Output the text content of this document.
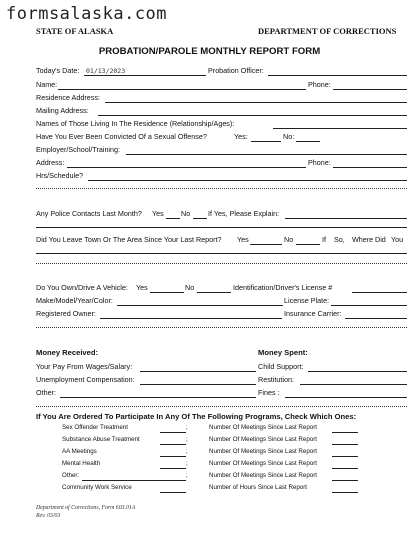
formsalaska.com
STATE OF ALASKA	DEPARTMENT OF CORRECTIONS
PROBATION/PAROLE MONTHLY REPORT FORM
Today's Date: 01/13/2023	Probation Officer:
Name:	Phone:
Residence Address:
Mailing Address:
Names of Those Living In The Residence (Relationship/Ages):
Have You Ever Been Convicted Of a Sexual Offense?	Yes:	No:
Employer/School/Training:
Address:	Phone:
Hrs/Schedule?
Any Police Contacts Last Month? Yes No If Yes, Please Explain:
Did You Leave Town Or The Area Since Your Last Report? Yes	No	If So, Where Did You
Do You Own/Drive A Vehicle: Yes	No	Identification/Driver's License #
Make/Model/Year/Color:	License Plate:
Registered Owner:	Insurance Carrier:
Money Received:	Money Spent:
Your Pay From Wages/Salary:	Child Support:
Unemployment Compensation:	Restitution:
Other:	Fines :
If You Are Ordered To Participate In Any Of The Following Programs, Check Which Ones:
Sex Offender Treatment	;	Number Of Meetings Since Last Report
Substance Abuse Treatment	;	Number Of Meetings Since Last Report
AA Meetings	;	Number Of Meetings Since Last Report
Mental Health	;	Number Of Meetings Since Last Report
Other:	;	Number Of Meetings Since Last Report
Community Work Service	Number of Hours Since Last Report
Department of Corrections, Form 603.01A
Rev. 03/03
